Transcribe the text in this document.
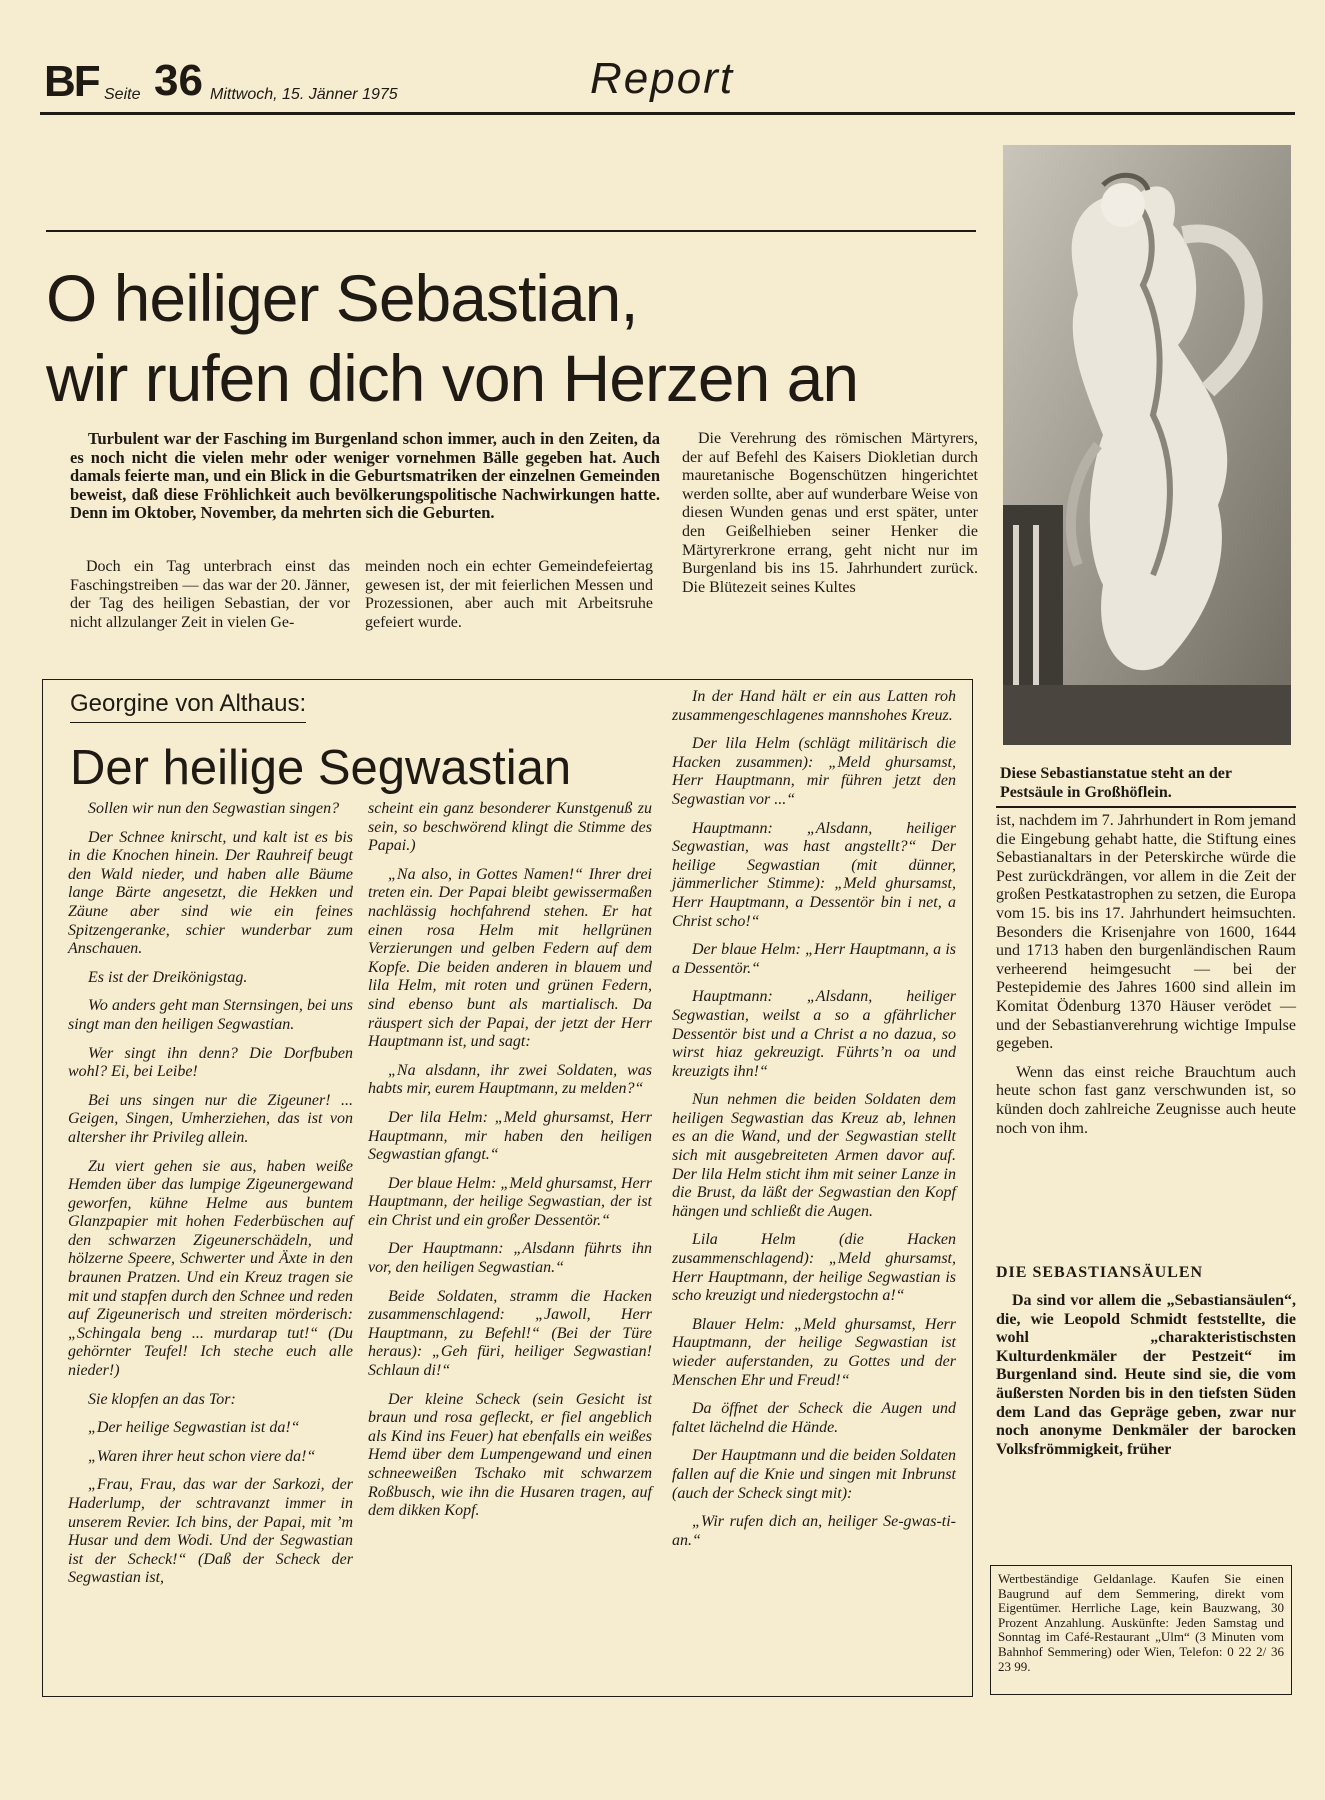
BF Seite 36 Mittwoch, 15. Jänner 1975	Report
O heiliger Sebastian,
wir rufen dich von Herzen an
Turbulent war der Fasching im Burgenland schon immer, auch in den Zeiten, da es noch nicht die vielen mehr oder weniger vornehmen Bälle gegeben hat. Auch damals feierte man, und ein Blick in die Geburtsmatriken der einzelnen Gemeinden beweist, daß diese Fröhlichkeit auch bevölkerungspolitische Nachwirkungen hatte. Denn im Oktober, November, da mehrten sich die Geburten.
Doch ein Tag unterbrach einst das Faschingstreiben — das war der 20. Jänner, der Tag des heiligen Sebastian, der vor nicht allzulanger Zeit in vielen Ge-
meinden noch ein echter Gemeindefeiertag gewesen ist, der mit feierlichen Messen und Prozessionen, aber auch mit Arbeitsruhe gefeiert wurde.
Die Verehrung des römischen Märtyrers, der auf Befehl des Kaisers Diokletian durch mauretanische Bogenschützen hingerichtet werden sollte, aber auf wunderbare Weise von diesen Wunden genas und erst später, unter den Geißelhieben seiner Henker die Märtyrerkrone errang, geht nicht nur im Burgenland bis ins 15. Jahrhundert zurück. Die Blütezeit seines Kultes
Diese Sebastianstatue steht an der Pestsäule in Großhöflein.

ist, nachdem im 7. Jahrhundert in Rom jemand die Eingebung gehabt hatte, die Stiftung eines Sebastianaltars in der Peterskirche würde die Pest zurückdrängen, vor allem in die Zeit der großen Pestkatastrophen zu setzen, die Europa vom 15. bis ins 17. Jahrhundert heimsuchten. Besonders die Krisenjahre von 1600, 1644 und 1713 haben den burgenländischen Raum verheerend heimgesucht — bei der Pestepidemie des Jahres 1600 sind allein im Komitat Ödenburg 1370 Häuser verödet — und der Sebastianverehrung wichtige Impulse gegeben.

Wenn das einst reiche Brauchtum auch heute schon fast ganz verschwunden ist, so künden doch zahlreiche Zeugnisse auch heute noch von ihm.

DIE SEBASTIANSÄULEN
Da sind vor allem die „Sebastiansäulen“, die, wie Leopold Schmidt feststellte, die wohl „charakteristischsten Kulturdenkmäler der Pestzeit“ im Burgenland sind. Heute sind sie, die vom äußersten Norden bis in den tiefsten Süden dem Land das Gepräge geben, zwar nur noch anonyme Denkmäler der barocken Volksfrömmigkeit, früher
Georgine von Althaus:
Der heilige Segwastian

Sollen wir nun den Segwastian singen?

Der Schnee knirscht, und kalt ist es bis in die Knochen hinein. Der Rauhreif beugt den Wald nieder, und haben alle Bäume lange Bärte angesetzt, die Hekken und Zäune aber sind wie ein feines Spitzengeranke, schier wunderbar zum Anschauen.

Es ist der Dreikönigstag.

Wo anders geht man Sternsingen, bei uns singt man den heiligen Segwastian.

Wer singt ihn denn? Die Dorfbuben wohl? Ei, bei Leibe!

Bei uns singen nur die Zigeuner! ... Geigen, Singen, Umherziehen, das ist von altersher ihr Privileg allein.

Zu viert gehen sie aus, haben weiße Hemden über das lumpige Zigeunergewand geworfen, kühne Helme aus buntem Glanzpapier mit hohen Federbüschen auf den schwarzen Zigeunerschädeln, und hölzerne Speere, Schwerter und Äxte in den braunen Pratzen. Und ein Kreuz tragen sie mit und stapfen durch den Schnee und reden auf Zigeunerisch und streiten mörderisch: „Schingala beng ... murdarap tut!“ (Du gehörnter Teufel! Ich steche euch alle nieder!)

Sie klopfen an das Tor:

„Der heilige Segwastian ist da!“

„Waren ihrer heut schon viere da!“

„Frau, Frau, das war der Sarkozi, der Haderlump, der schtravanzt immer in unserem Revier. Ich bins, der Papai, mit ’m Husar und dem Wodi. Und der Segwastian ist der Scheck!“ (Daß der Scheck der Segwastian ist,

scheint ein ganz besonderer Kunstgenuß zu sein, so beschwörend klingt die Stimme des Papai.)

„Na also, in Gottes Namen!“ Ihrer drei treten ein. Der Papai bleibt gewissermaßen nachlässig hochfahrend stehen. Er hat einen rosa Helm mit hellgrünen Verzierungen und gelben Federn auf dem Kopfe. Die beiden anderen in blauem und lila Helm, mit roten und grünen Federn, sind ebenso bunt als martialisch. Da räuspert sich der Papai, der jetzt der Herr Hauptmann ist, und sagt:

„Na alsdann, ihr zwei Soldaten, was habts mir, eurem Hauptmann, zu melden?“

Der lila Helm: „Meld ghursamst, Herr Hauptmann, mir haben den heiligen Segwastian gfangt.“

Der blaue Helm: „Meld ghursamst, Herr Hauptmann, der heilige Segwastian, der ist ein Christ und ein großer Dessentör.“

Der Hauptmann: „Alsdann führts ihn vor, den heiligen Segwastian.“

Beide Soldaten, stramm die Hacken zusammenschlagend: „Jawoll, Herr Hauptmann, zu Befehl!“ (Bei der Türe heraus): „Geh füri, heiliger Segwastian! Schlaun di!“

Der kleine Scheck (sein Gesicht ist braun und rosa gefleckt, er fiel angeblich als Kind ins Feuer) hat ebenfalls ein weißes Hemd über dem Lumpengewand und einen schneeweißen Tschako mit schwarzem Roßbusch, wie ihn die Husaren tragen, auf dem dikken Kopf.

In der Hand hält er ein aus Latten roh zusammengeschlagenes mannshohes Kreuz.

Der lila Helm (schlägt militärisch die Hacken zusammen): „Meld ghursamst, Herr Hauptmann, mir führen jetzt den Segwastian vor ...“

Hauptmann: „Alsdann, heiliger Segwastian, was hast angstellt?“ Der heilige Segwastian (mit dünner, jämmerlicher Stimme): „Meld ghursamst, Herr Hauptmann, a Dessentör bin i net, a Christ scho!“

Der blaue Helm: „Herr Hauptmann, a is a Dessentör.“

Hauptmann: „Alsdann, heiliger Segwastian, weilst a so a gfährlicher Dessentör bist und a Christ a no dazua, so wirst hiaz gekreuzigt. Führts’n oa und kreuzigts ihn!“

Nun nehmen die beiden Soldaten dem heiligen Segwastian das Kreuz ab, lehnen es an die Wand, und der Segwastian stellt sich mit ausgebreiteten Armen davor auf. Der lila Helm sticht ihm mit seiner Lanze in die Brust, da läßt der Segwastian den Kopf hängen und schließt die Augen.

Lila Helm (die Hacken zusammenschlagend): „Meld ghursamst, Herr Hauptmann, der heilige Segwastian is scho kreuzigt und niedergstochn a!“

Blauer Helm: „Meld ghursamst, Herr Hauptmann, der heilige Segwastian ist wieder auferstanden, zu Gottes und der Menschen Ehr und Freud!“

Da öffnet der Scheck die Augen und faltet lächelnd die Hände.

Der Hauptmann und die beiden Soldaten fallen auf die Knie und singen mit Inbrunst (auch der Scheck singt mit):

„Wir rufen dich an, heiliger Se-gwas-ti-an.“

Wertbeständige Geldanlage. Kaufen Sie einen Baugrund auf dem Semmering, direkt vom Eigentümer. Herrliche Lage, kein Bauzwang, 30 Prozent Anzahlung. Auskünfte: Jeden Samstag und Sonntag im Café-Restaurant „Ulm“ (3 Minuten vom Bahnhof Semmering) oder Wien, Telefon: 0 22 2/ 36 23 99.
